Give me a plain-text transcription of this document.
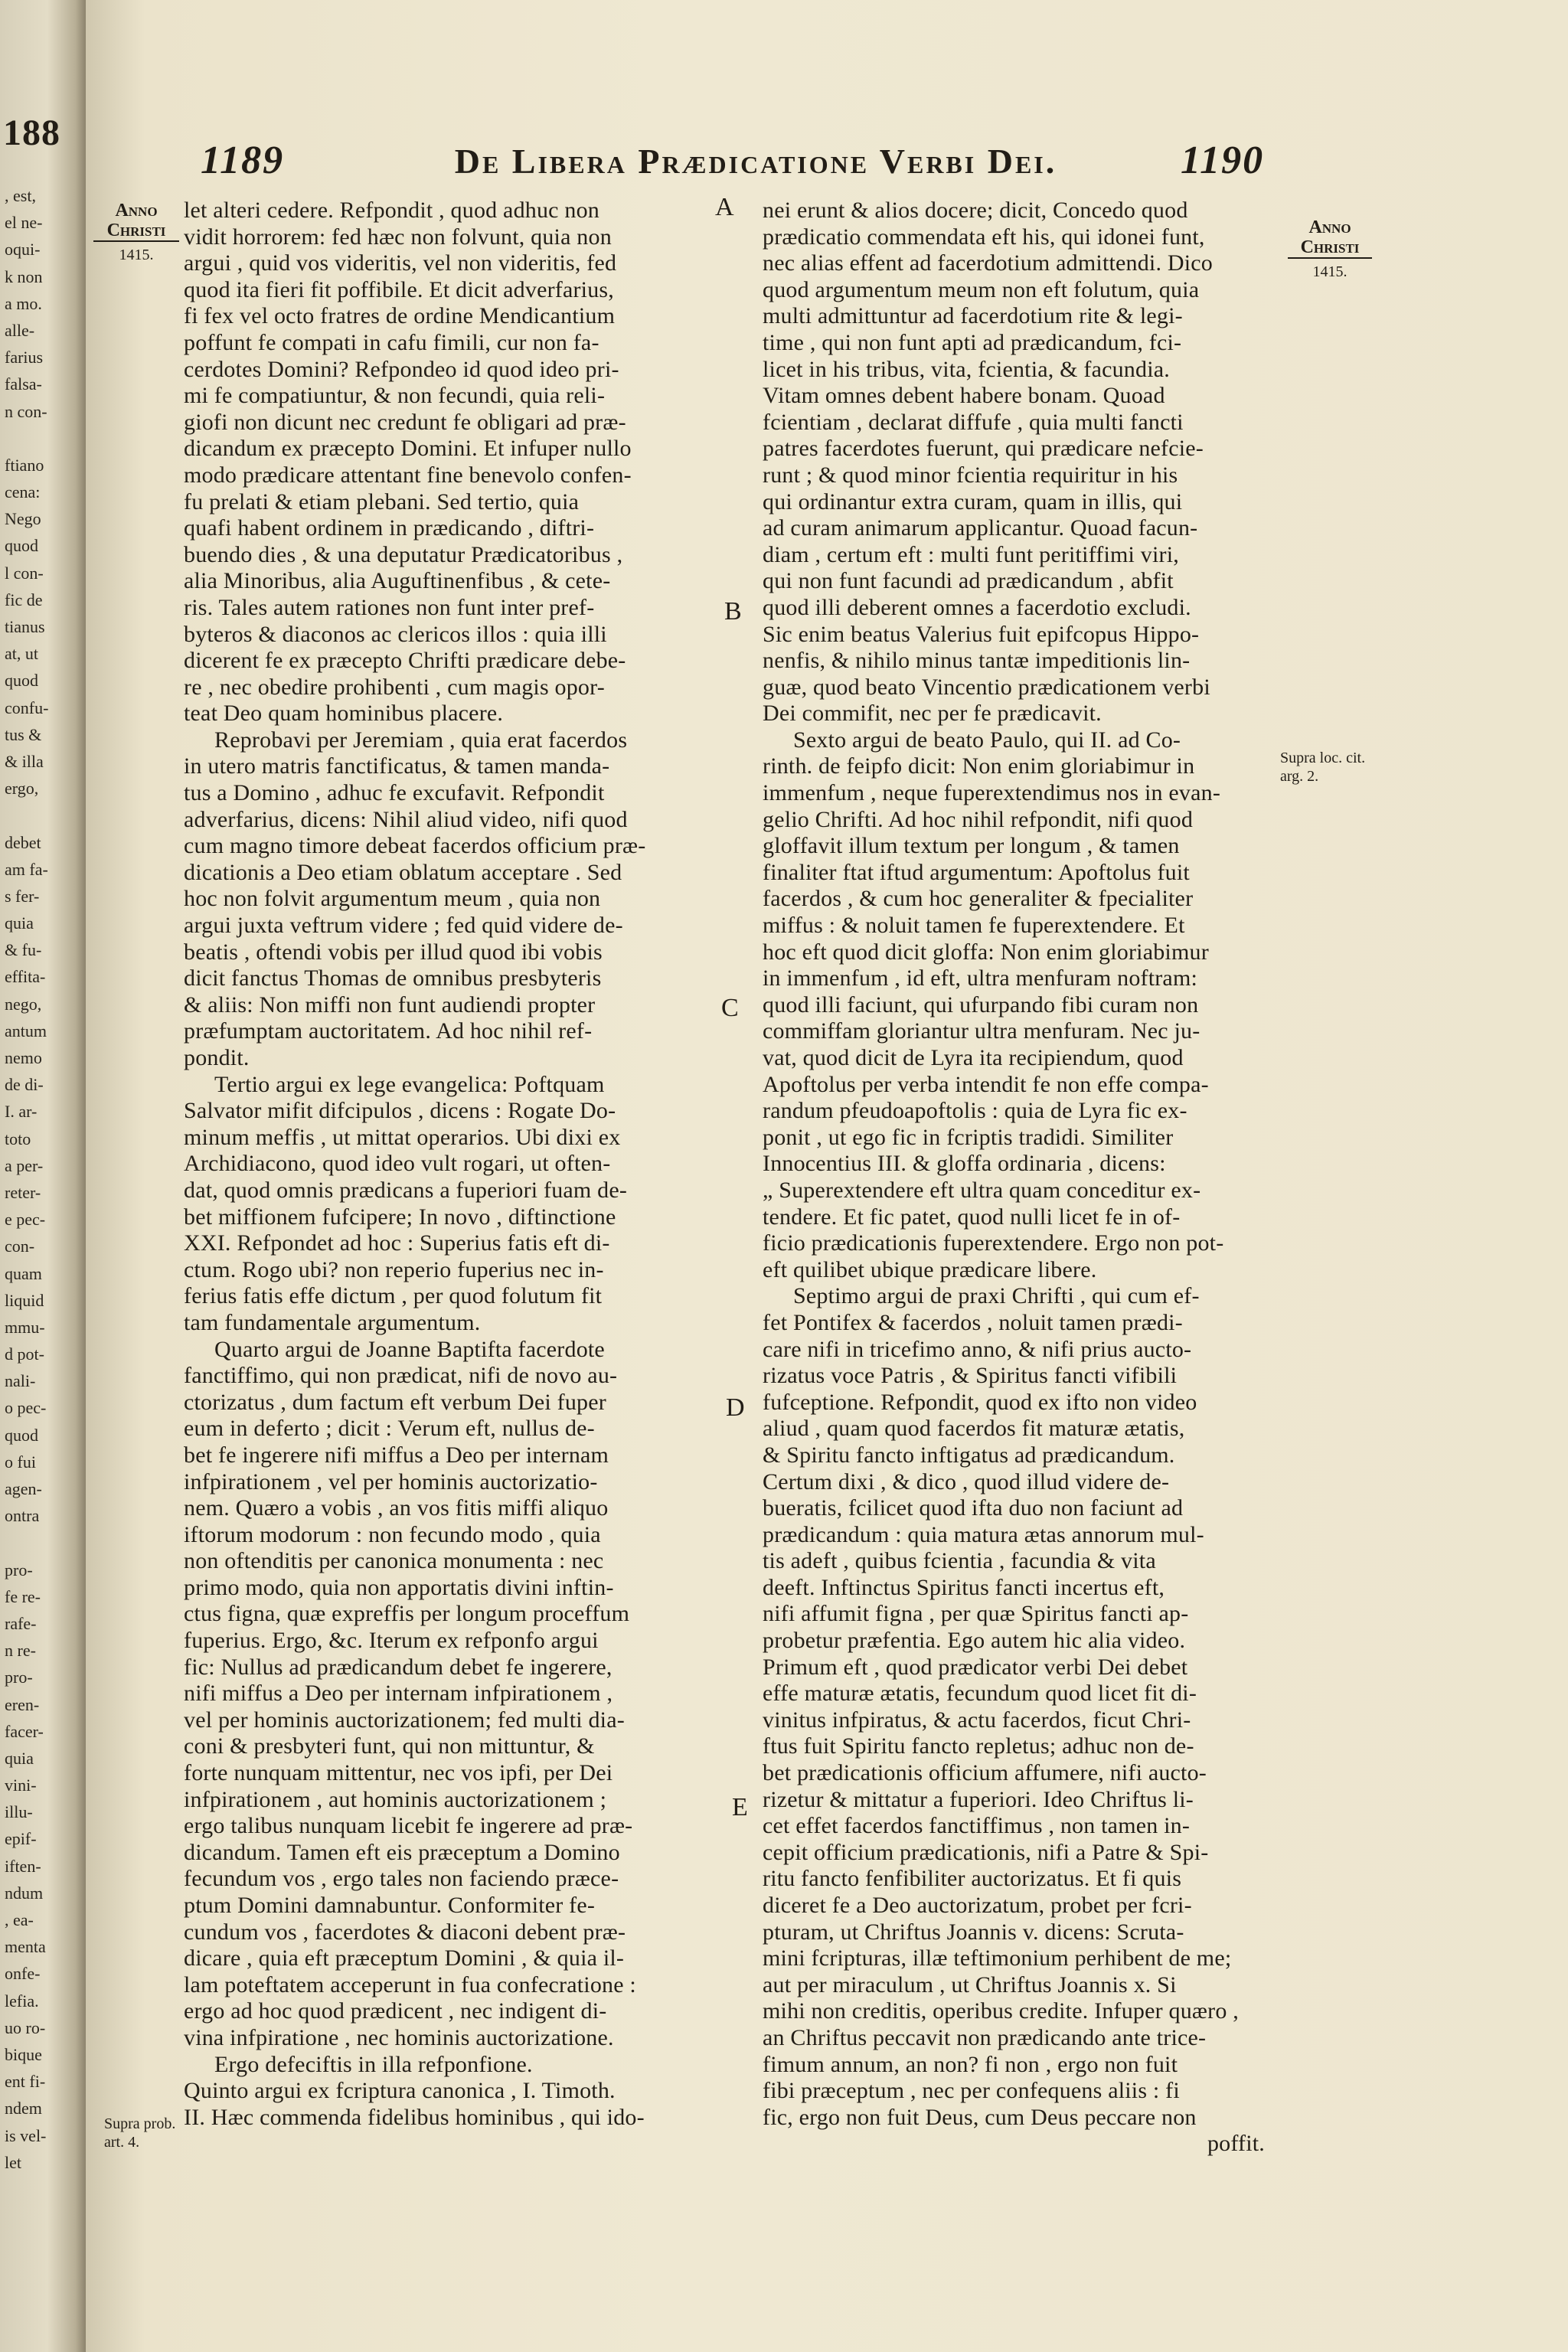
188
, est,
el ne-
oqui-
k non
a mo.
alle-
farius
falsa-
n con-
ftiano
cena:
Nego
quod
l con-
fic de
tianus
at, ut
quod
confu-
tus &
& illa
ergo,
debet
am fa-
s fer-
quia
& fu-
effita-
nego,
antum
nemo
de di-
I. ar-
toto
a per-
reter-
e pec-
con-
quam
liquid
mmu-
d pot-
nali-
o pec-
quod
o fui
agen-
ontra
pro-
fe re-
rafe-
n re-
pro-
eren-
facer-
quia
vini-
illu-
epif-
iften-
ndum
, ea-
menta
onfe-
lefia.
uo ro-
bique
ent fi-
ndem
is vel-
let
1189	De Libera Prædicatione Verbi Dei.	1190
Anno Christi
1415.
Anno Christi
1415.
Supra loc. cit. arg. 2.
Supra prob. art. 4.
A
B
C
D
E
let alteri cedere. Refpondit , quod adhuc non
vidit horrorem: fed hæc non folvunt, quia non
argui , quid vos videritis, vel non videritis, fed
quod ita fieri fit poffibile. Et dicit adverfarius,
fi fex vel octo fratres de ordine Mendicantium
poffunt fe compati in cafu fimili, cur non fa-
cerdotes Domini? Refpondeo id quod ideo pri-
mi fe compatiuntur, & non fecundi, quia reli-
giofi non dicunt nec credunt fe obligari ad præ-
dicandum ex præcepto Domini. Et infuper nullo
modo prædicare attentant fine benevolo confen-
fu prelati & etiam plebani. Sed tertio, quia
quafi habent ordinem in prædicando , diftri-
buendo dies , & una deputatur Prædicatoribus ,
alia Minoribus, alia Auguftinenfibus , & cete-
ris. Tales autem rationes non funt inter pref-
byteros & diaconos ac clericos illos : quia illi
dicerent fe ex præcepto Chrifti prædicare debe-
re , nec obedire prohibenti , cum magis opor-
teat Deo quam hominibus placere.
Reprobavi per Jeremiam , quia erat facerdos
in utero matris fanctificatus, & tamen manda-
tus a Domino , adhuc fe excufavit. Refpondit
adverfarius, dicens: Nihil aliud video, nifi quod
cum magno timore debeat facerdos officium præ-
dicationis a Deo etiam oblatum acceptare . Sed
hoc non folvit argumentum meum , quia non
argui juxta veftrum videre ; fed quid videre de-
beatis , oftendi vobis per illud quod ibi vobis
dicit fanctus Thomas de omnibus presbyteris
& aliis: Non miffi non funt audiendi propter
præfumptam auctoritatem. Ad hoc nihil ref-
pondit.
Tertio argui ex lege evangelica: Poftquam
Salvator mifit difcipulos , dicens : Rogate Do-
minum meffis , ut mittat operarios. Ubi dixi ex
Archidiacono, quod ideo vult rogari, ut often-
dat, quod omnis prædicans a fuperiori fuam de-
bet miffionem fufcipere; In novo , diftinctione
XXI. Refpondet ad hoc : Superius fatis eft di-
ctum. Rogo ubi? non reperio fuperius nec in-
ferius fatis effe dictum , per quod folutum fit
tam fundamentale argumentum.
Quarto argui de Joanne Baptifta facerdote
fanctiffimo, qui non prædicat, nifi de novo au-
ctorizatus , dum factum eft verbum Dei fuper
eum in deferto ; dicit : Verum eft, nullus de-
bet fe ingerere nifi miffus a Deo per internam
infpirationem , vel per hominis auctorizatio-
nem. Quæro a vobis , an vos fitis miffi aliquo
iftorum modorum : non fecundo modo , quia
non oftenditis per canonica monumenta : nec
primo modo, quia non apportatis divini inftin-
ctus figna, quæ expreffis per longum proceffum
fuperius. Ergo, &c. Iterum ex refponfo argui
fic: Nullus ad prædicandum debet fe ingerere,
nifi miffus a Deo per internam infpirationem ,
vel per hominis auctorizationem; fed multi dia-
coni & presbyteri funt, qui non mittuntur, &
forte nunquam mittentur, nec vos ipfi, per Dei
infpirationem , aut hominis auctorizationem ;
ergo talibus nunquam licebit fe ingerere ad præ-
dicandum. Tamen eft eis præceptum a Domino
fecundum vos , ergo tales non faciendo præce-
ptum Domini damnabuntur. Conformiter fe-
cundum vos , facerdotes & diaconi debent præ-
dicare , quia eft præceptum Domini , & quia il-
lam poteftatem acceperunt in fua confecratione :
ergo ad hoc quod prædicent , nec indigent di-
vina infpiratione , nec hominis auctorizatione.
Ergo defeciftis in illa refponfione.
Quinto argui ex fcriptura canonica , I. Timoth.
II. Hæc commenda fidelibus hominibus , qui ido-
nei erunt & alios docere; dicit, Concedo quod
prædicatio commendata eft his, qui idonei funt,
nec alias effent ad facerdotium admittendi. Dico
quod argumentum meum non eft folutum, quia
multi admittuntur ad facerdotium rite & legi-
time , qui non funt apti ad prædicandum, fci-
licet in his tribus, vita, fcientia, & facundia.
Vitam omnes debent habere bonam. Quoad
fcientiam , declarat diffufe , quia multi fancti
patres facerdotes fuerunt, qui prædicare nefcie-
runt ; & quod minor fcientia requiritur in his
qui ordinantur extra curam, quam in illis, qui
ad curam animarum applicantur. Quoad facun-
diam , certum eft : multi funt peritiffimi viri,
qui non funt facundi ad prædicandum , abfit
quod illi deberent omnes a facerdotio excludi.
Sic enim beatus Valerius fuit epifcopus Hippo-
nenfis, & nihilo minus tantæ impeditionis lin-
guæ, quod beato Vincentio prædicationem verbi
Dei commifit, nec per fe prædicavit.
Sexto argui de beato Paulo, qui II. ad Co-
rinth. de feipfo dicit: Non enim gloriabimur in
immenfum , neque fuperextendimus nos in evan-
gelio Chrifti. Ad hoc nihil refpondit, nifi quod
gloffavit illum textum per longum , & tamen
finaliter ftat iftud argumentum: Apoftolus fuit
facerdos , & cum hoc generaliter & fpecialiter
miffus : & noluit tamen fe fuperextendere. Et
hoc eft quod dicit gloffa: Non enim gloriabimur
in immenfum , id eft, ultra menfuram noftram:
quod illi faciunt, qui ufurpando fibi curam non
commiffam gloriantur ultra menfuram. Nec ju-
vat, quod dicit de Lyra ita recipiendum, quod
Apoftolus per verba intendit fe non effe compa-
randum pfeudoapoftolis : quia de Lyra fic ex-
ponit , ut ego fic in fcriptis tradidi. Similiter
Innocentius III. & gloffa ordinaria , dicens:
„ Superextendere eft ultra quam conceditur ex-
tendere. Et fic patet, quod nulli licet fe in of-
ficio prædicationis fuperextendere. Ergo non pot-
eft quilibet ubique prædicare libere.
Septimo argui de praxi Chrifti , qui cum ef-
fet Pontifex & facerdos , noluit tamen prædi-
care nifi in tricefimo anno, & nifi prius aucto-
rizatus voce Patris , & Spiritus fancti vifibili
fufceptione. Refpondit, quod ex ifto non video
aliud , quam quod facerdos fit maturæ ætatis,
& Spiritu fancto inftigatus ad prædicandum.
Certum dixi , & dico , quod illud videre de-
bueratis, fcilicet quod ifta duo non faciunt ad
prædicandum : quia matura ætas annorum mul-
tis adeft , quibus fcientia , facundia & vita
deeft. Inftinctus Spiritus fancti incertus eft,
nifi affumit figna , per quæ Spiritus fancti ap-
probetur præfentia. Ego autem hic alia video.
Primum eft , quod prædicator verbi Dei debet
effe maturæ ætatis, fecundum quod licet fit di-
vinitus infpiratus, & actu facerdos, ficut Chri-
ftus fuit Spiritu fancto repletus; adhuc non de-
bet prædicationis officium affumere, nifi aucto-
rizetur & mittatur a fuperiori. Ideo Chriftus li-
cet effet facerdos fanctiffimus , non tamen in-
cepit officium prædicationis, nifi a Patre & Spi-
ritu fancto fenfibiliter auctorizatus. Et fi quis
diceret fe a Deo auctorizatum, probet per fcri-
pturam, ut Chriftus Joannis v. dicens: Scruta-
mini fcripturas, illæ teftimonium perhibent de me;
aut per miraculum , ut Chriftus Joannis x. Si
mihi non creditis, operibus credite. Infuper quæro ,
an Chriftus peccavit non prædicando ante trice-
fimum annum, an non? fi non , ergo non fuit
fibi præceptum , nec per confequens aliis : fi
fic, ergo non fuit Deus, cum Deus peccare non
poffit.
